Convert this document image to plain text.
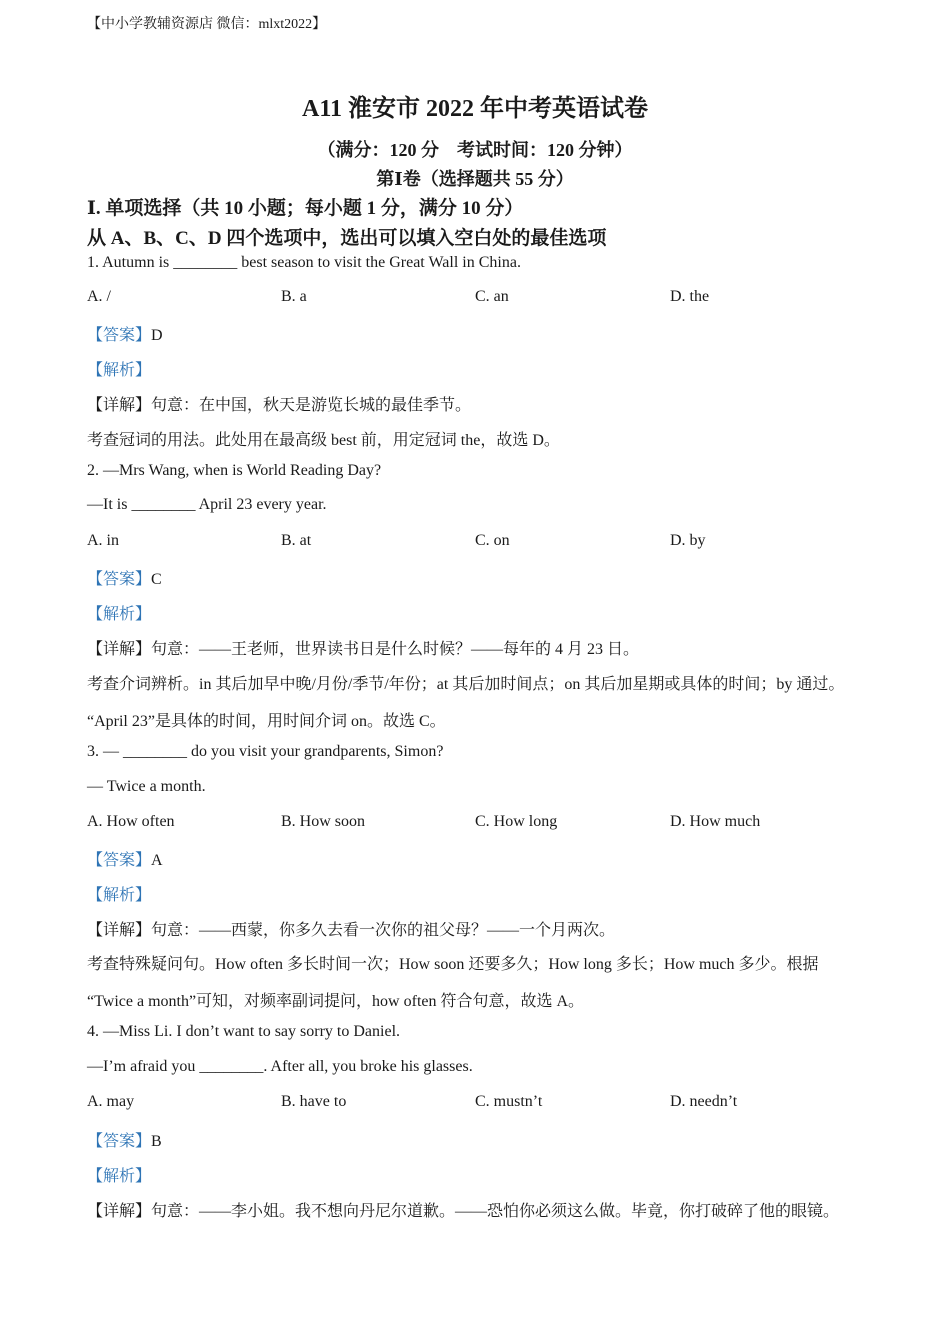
【中小学教辅资源店 微信：mlxt2022】
A11 淮安市 2022 年中考英语试卷
（满分：120 分　考试时间：120 分钟）
第Ⅰ卷（选择题共 55 分）
Ⅰ. 单项选择（共 10 小题；每小题 1 分，满分 10 分）
从 A、B、C、D 四个选项中，选出可以填入空白处的最佳选项
1. Autumn is ________ best season to visit the Great Wall in China.
A. /	B. a	C. an	D. the
【答案】D
【解析】
【详解】句意：在中国，秋天是游览长城的最佳季节。
考查冠词的用法。此处用在最高级 best 前，用定冠词 the，故选 D。
2. —Mrs Wang, when is World Reading Day?
—It is ________ April 23 every year.
A. in	B. at	C. on	D. by
【答案】C
【解析】
【详解】句意：——王老师，世界读书日是什么时候？——每年的 4 月 23 日。
考查介词辨析。in 其后加早中晚/月份/季节/年份；at 其后加时间点；on 其后加星期或具体的时间；by 通过。
“April 23”是具体的时间，用时间介词 on。故选 C。
3. — ________ do you visit your grandparents, Simon?
— Twice a month.
A. How often	B. How soon	C. How long	D. How much
【答案】A
【解析】
【详解】句意：——西蒙，你多久去看一次你的祖父母？——一个月两次。
考查特殊疑问句。How often 多长时间一次；How soon 还要多久；How long 多长；How much 多少。根据
“Twice a month”可知，对频率副词提问，how often 符合句意，故选 A。
4. —Miss Li. I don’t want to say sorry to Daniel.
—I’m afraid you ________. After all, you broke his glasses.
A. may	B. have to	C. mustn’t	D. needn’t
【答案】B
【解析】
【详解】句意：——李小姐。我不想向丹尼尔道歉。——恐怕你必须这么做。毕竟，你打破碎了他的眼镜。
